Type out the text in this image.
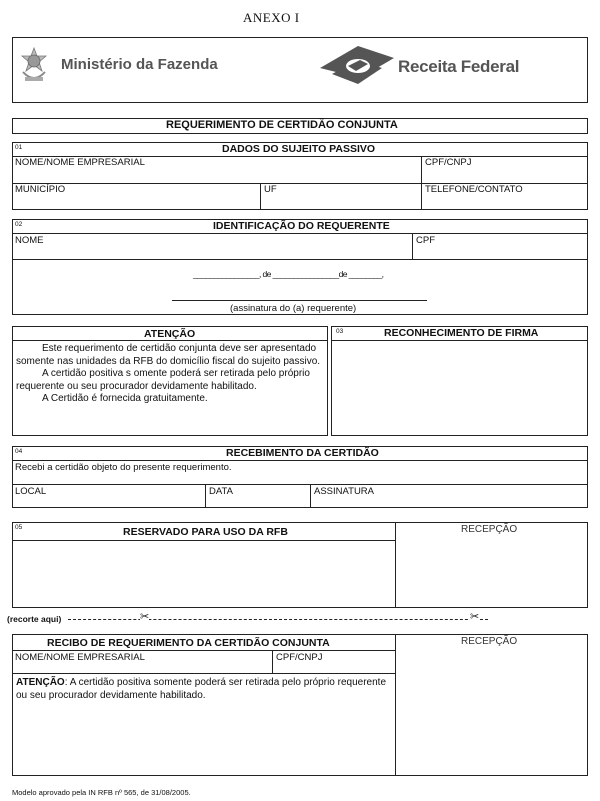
ANEXO I
Ministério da Fazenda	Receita Federal
REQUERIMENTO DE CERTIDÃO CONJUNTA
01	DADOS DO SUJEITO PASSIVO
NOME/NOME EMPRESARIAL	CPF/CNPJ
MUNICÍPIO	UF	TELEFONE/CONTATO
02	IDENTIFICAÇÃO DO REQUERENTE
NOME	CPF
________________, de ________________de ________,
(assinatura do (a) requerente)
ATENÇÃO

Este requerimento de certidão conjunta deve ser apresentado somente nas unidades da RFB do domicílio fiscal do sujeito passivo.

A certidão positiva s omente poderá ser retirada pelo próprio requerente ou seu procurador devidamente habilitado.

A Certidão é fornecida gratuitamente.

03	RECONHECIMENTO DE FIRMA
04	RECEBIMENTO DA CERTIDÃO
Recebi a certidão objeto do presente requerimento.
LOCAL	DATA	ASSINATURA
05	RESERVADO PARA USO DA RFB	RECEPÇÃO
(recorte aqui)	✂	✂
RECIBO DE REQUERIMENTO DA CERTIDÃO CONJUNTA	RECEPÇÃO
NOME/NOME EMPRESARIAL	CPF/CNPJ
ATENÇÃO: A certidão positiva somente poderá ser retirada pelo próprio requerente ou seu procurador devidamente habilitado.
Modelo aprovado pela IN RFB nº 565, de 31/08/2005.
